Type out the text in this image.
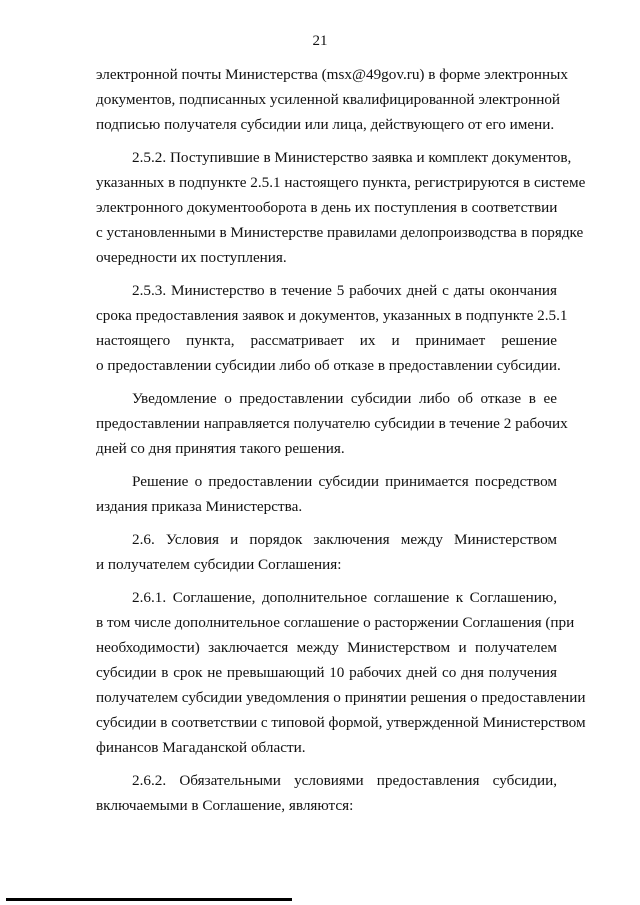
21

электронной почты Министерства (msx@49gov.ru) в форме электронных
документов, подписанных усиленной квалифицированной электронной
подписью получателя субсидии или лица, действующего от его имени.

2.5.2. Поступившие в Министерство заявка и комплект документов,
указанных в подпункте 2.5.1 настоящего пункта, регистрируются в системе
электронного документооборота в день их поступления в соответствии
с установленными в Министерстве правилами делопроизводства в порядке
очередности их поступления.

2.5.3. Министерство в течение 5 рабочих дней с даты окончания
срока предоставления заявок и документов, указанных в подпункте 2.5.1
настоящего пункта, рассматривает их и принимает решение
о предоставлении субсидии либо об отказе в предоставлении субсидии.

Уведомление о предоставлении субсидии либо об отказе в ее
предоставлении направляется получателю субсидии в течение 2 рабочих
дней со дня принятия такого решения.

Решение о предоставлении субсидии принимается посредством
издания приказа Министерства.

2.6. Условия и порядок заключения между Министерством
и получателем субсидии Соглашения:

2.6.1. Соглашение, дополнительное соглашение к Соглашению,
в том числе дополнительное соглашение о расторжении Соглашения (при
необходимости) заключается между Министерством и получателем
субсидии в срок не превышающий 10 рабочих дней со дня получения
получателем субсидии уведомления о принятии решения о предоставлении
субсидии в соответствии с типовой формой, утвержденной Министерством
финансов Магаданской области.

2.6.2. Обязательными условиями предоставления субсидии,
включаемыми в Соглашение, являются:
